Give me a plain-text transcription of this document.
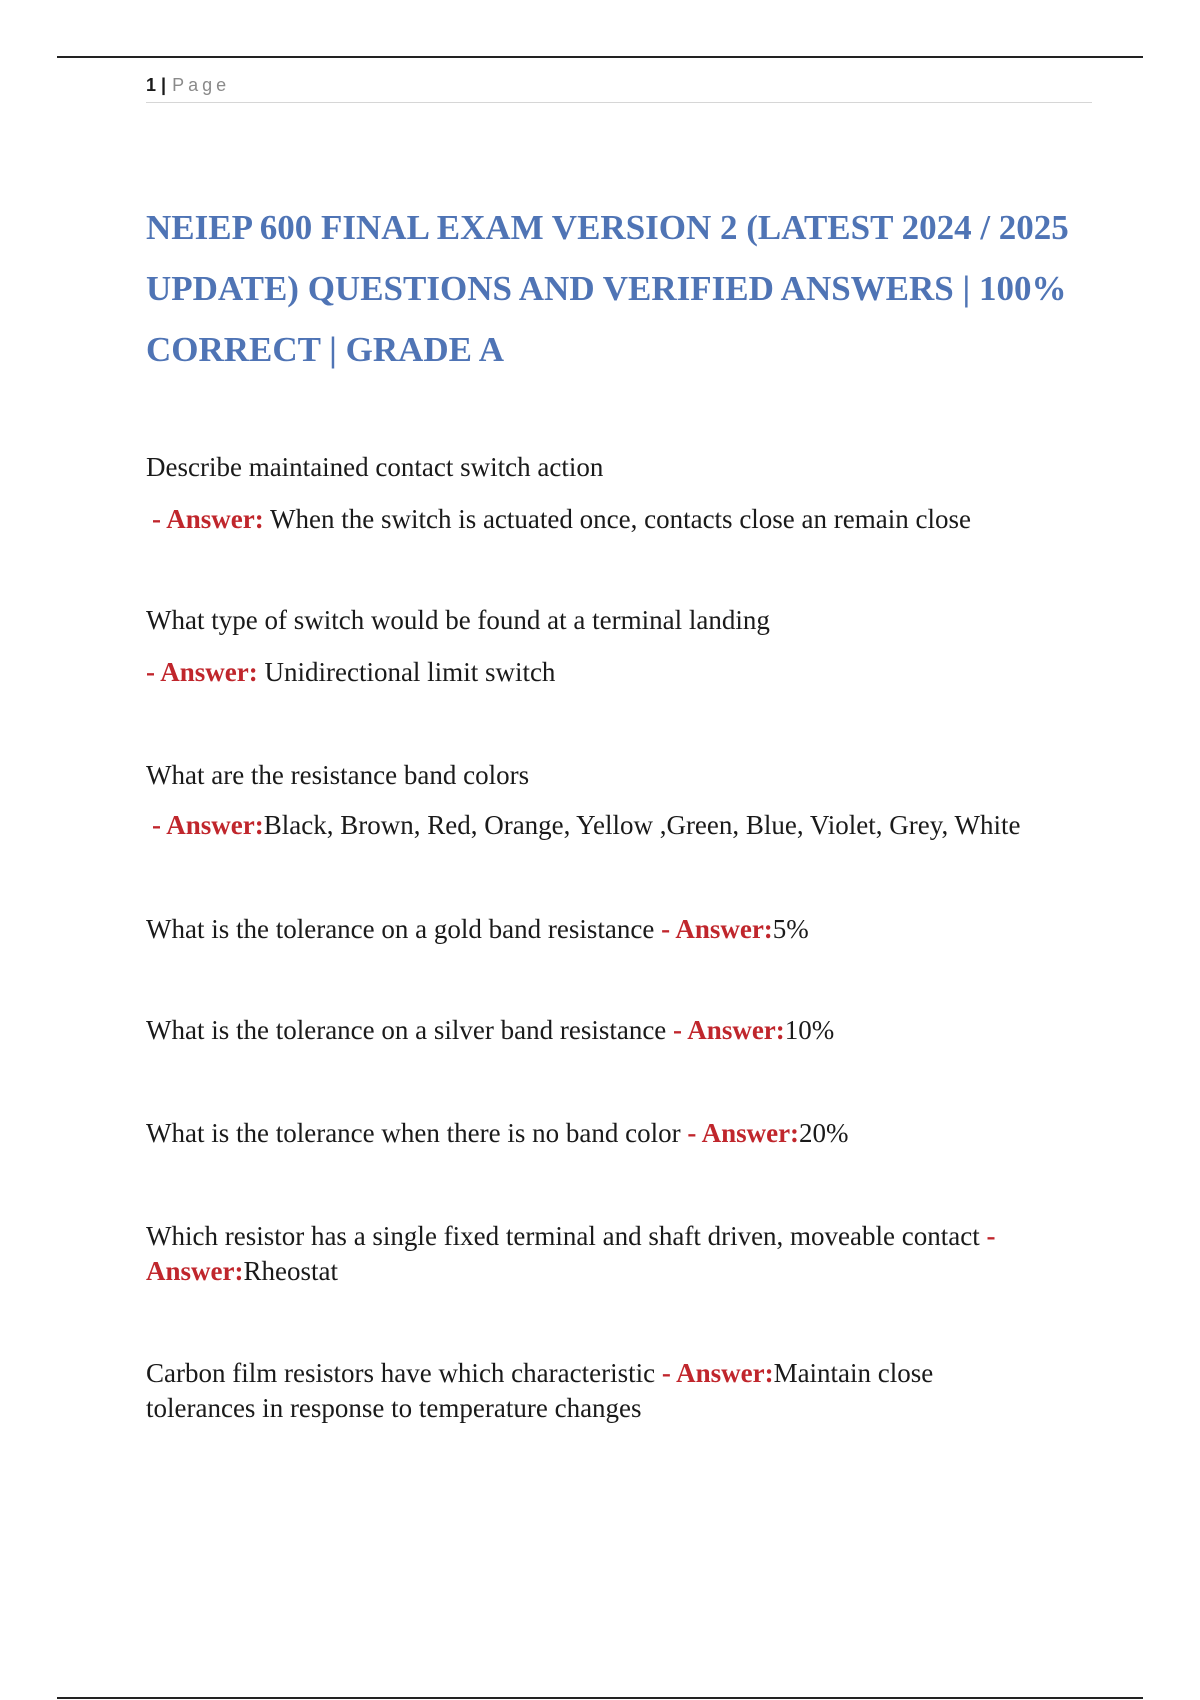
1 | Page
NEIEP 600 FINAL EXAM VERSION 2 (LATEST 2024 / 2025 UPDATE) QUESTIONS AND VERIFIED ANSWERS | 100% CORRECT | GRADE A
Describe maintained contact switch action
- Answer: When the switch is actuated once, contacts close an remain close
What type of switch would be found at a terminal landing
- Answer: Unidirectional limit switch
What are the resistance band colors
- Answer:Black, Brown, Red, Orange, Yellow ,Green, Blue, Violet, Grey, White
What is the tolerance on a gold band resistance - Answer:5%
What is the tolerance on a silver band resistance - Answer:10%
What is the tolerance when there is no band color - Answer:20%
Which resistor has a single fixed terminal and shaft driven, moveable contact - Answer:Rheostat
Carbon film resistors have which characteristic - Answer:Maintain close tolerances in response to temperature changes
